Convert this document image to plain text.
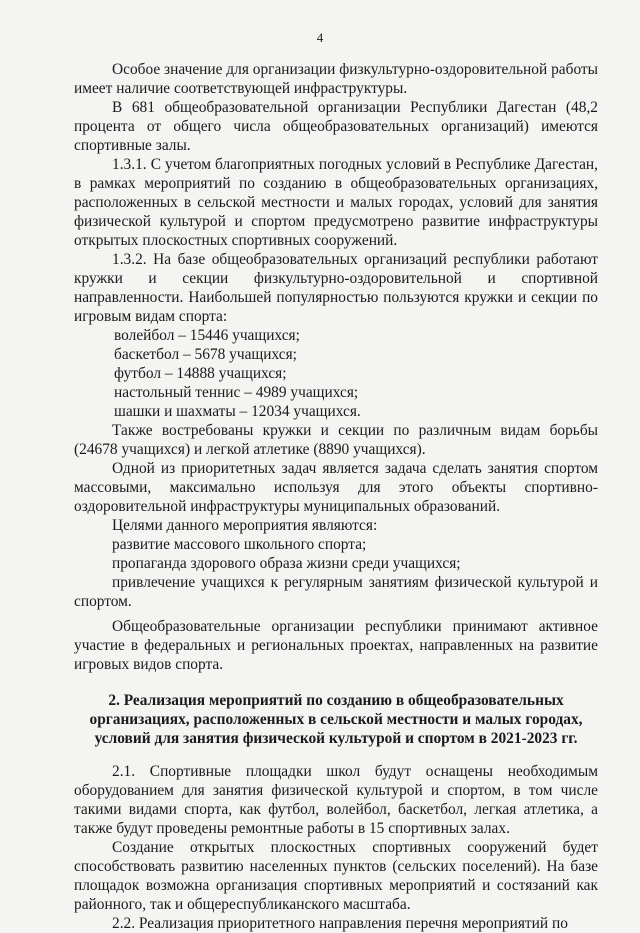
4

Особое значение для организации физкультурно-оздоровительной работы имеет наличие соответствующей инфраструктуры.

В 681 общеобразовательной организации Республики Дагестан (48,2 процента от общего числа общеобразовательных организаций) имеются спортивные залы.

1.3.1. С учетом благоприятных погодных условий в Республике Дагестан, в рамках мероприятий по созданию в общеобразовательных организациях, расположенных в сельской местности и малых городах, условий для занятия физической культурой и спортом предусмотрено развитие инфраструктуры открытых плоскостных спортивных сооружений.

1.3.2. На базе общеобразовательных организаций республики работают кружки и секции физкультурно-оздоровительной и спортивной направленности. Наибольшей популярностью пользуются кружки и секции по игровым видам спорта:

волейбол – 15446 учащихся;

баскетбол – 5678 учащихся;

футбол – 14888 учащихся;

настольный теннис – 4989 учащихся;

шашки и шахматы – 12034 учащихся.

Также востребованы кружки и секции по различным видам борьбы (24678 учащихся) и легкой атлетике (8890 учащихся).

Одной из приоритетных задач является задача сделать занятия спортом массовыми, максимально используя для этого объекты спортивно-оздоровительной инфраструктуры муниципальных образований.

Целями данного мероприятия являются:

развитие массового школьного спорта;

пропаганда здорового образа жизни среди учащихся;

привлечение учащихся к регулярным занятиям физической культурой и спортом.

Общеобразовательные организации республики принимают активное участие в федеральных и региональных проектах, направленных на развитие игровых видов спорта.

2. Реализация мероприятий по созданию в общеобразовательных организациях, расположенных в сельской местности и малых городах, условий для занятия физической культурой и спортом в 2021-2023 гг.

2.1. Спортивные площадки школ будут оснащены необходимым оборудованием для занятия физической культурой и спортом, в том числе такими видами спорта, как футбол, волейбол, баскетбол, легкая атлетика, а также будут проведены ремонтные работы в 15 спортивных залах.

Создание открытых плоскостных спортивных сооружений будет способствовать развитию населенных пунктов (сельских поселений). На базе площадок возможна организация спортивных мероприятий и состязаний как районного, так и общереспубликанского масштаба.

2.2. Реализация приоритетного направления перечня мероприятий по
